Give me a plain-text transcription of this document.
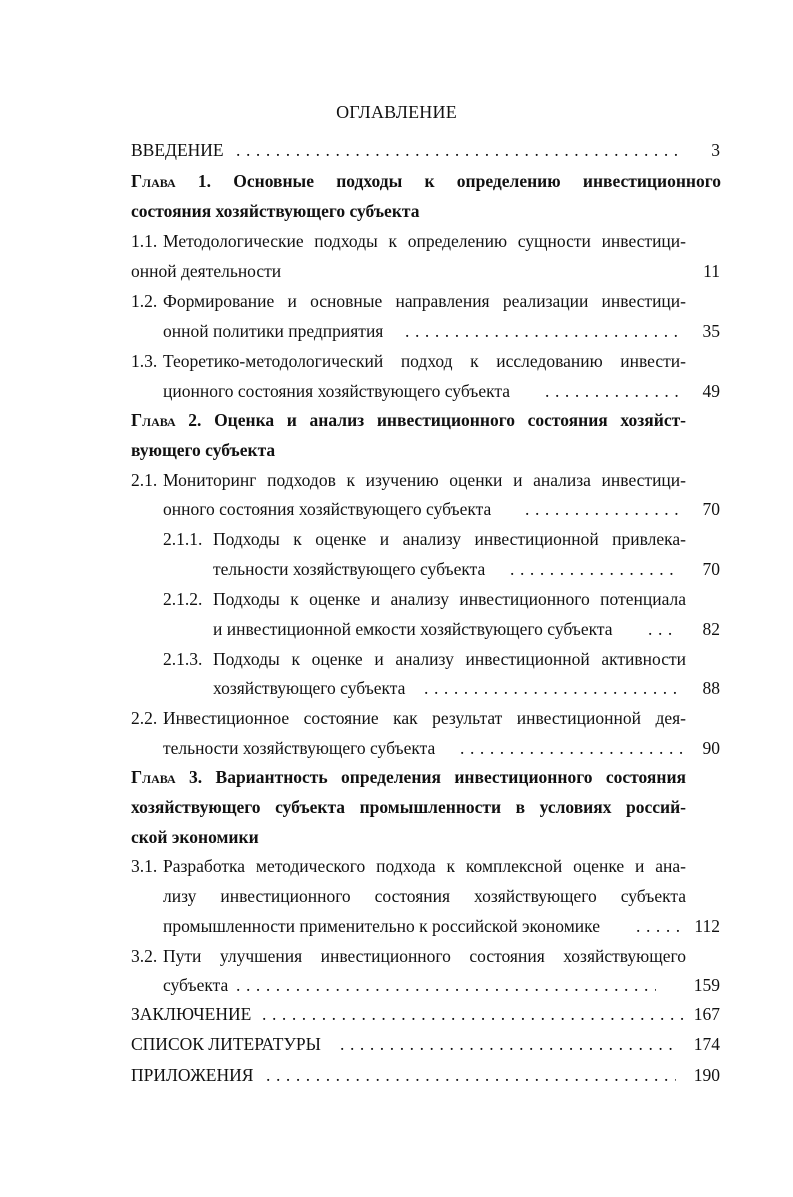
ОГЛАВЛЕНИЕ
ВВЕДЕНИЕ . . .	3
Глава 1. Основные подходы к определению инвестиционного
состояния хозяйствующего субъекта
1.1. Методологические подходы к определению сущности инвестици-
онной деятельности	11
1.2. Формирование и основные направления реализации инвестици-
онной политики предприятия . . .	35
1.3. Теоретико-методологический подход к исследованию инвести-
ционного состояния хозяйствующего субъекта . . .	49
Глава 2. Оценка и анализ инвестиционного состояния хозяйст-
вующего субъекта
2.1. Мониторинг подходов к изучению оценки и анализа инвестици-
онного состояния хозяйствующего субъекта . . .	70
2.1.1. Подходы к оценке и анализу инвестиционной привлека-
тельности хозяйствующего субъекта . . .	70
2.1.2. Подходы к оценке и анализу инвестиционного потенциала
и инвестиционной емкости хозяйствующего субъекта . . .	82
2.1.3. Подходы к оценке и анализу инвестиционной активности
хозяйствующего субъекта . . .	88
2.2. Инвестиционное состояние как результат инвестиционной дея-
тельности хозяйствующего субъекта . . .	90
Глава 3. Вариантность определения инвестиционного состояния
хозяйствующего субъекта промышленности в условиях россий-
ской экономики
3.1. Разработка методического подхода к комплексной оценке и ана-
лизу инвестиционного состояния хозяйствующего субъекта
промышленности применительно к российской экономике . . .	112
3.2. Пути улучшения инвестиционного состояния хозяйствующего
субъекта . . .	159
ЗАКЛЮЧЕНИЕ . . .	167
СПИСОК ЛИТЕРАТУРЫ . . .	174
ПРИЛОЖЕНИЯ . . .	190
